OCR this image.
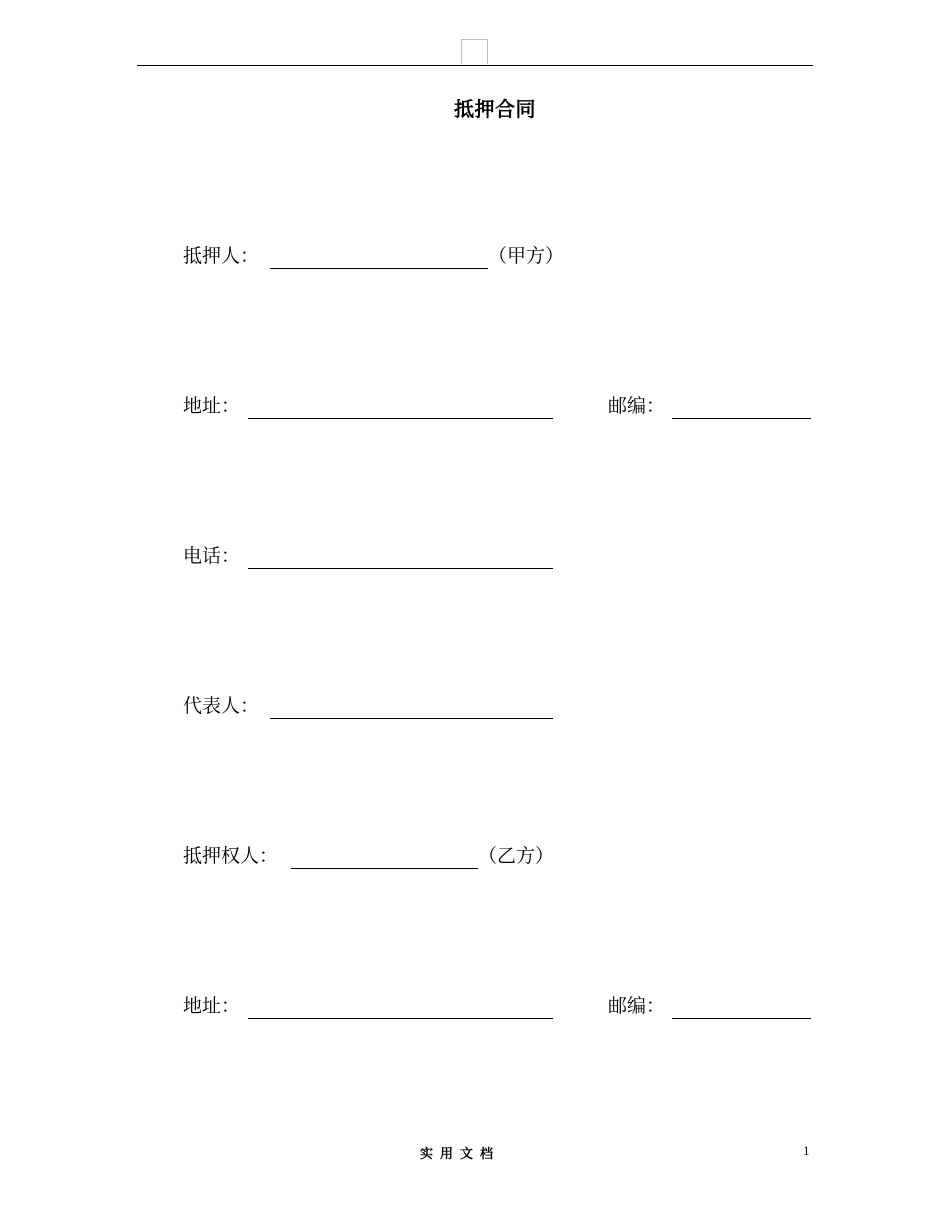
抵押合同
抵押人：	（甲方）
地址：	邮编：
电话：
代表人：
抵押权人：	（乙方）
地址：	邮编：
实用文档	1
